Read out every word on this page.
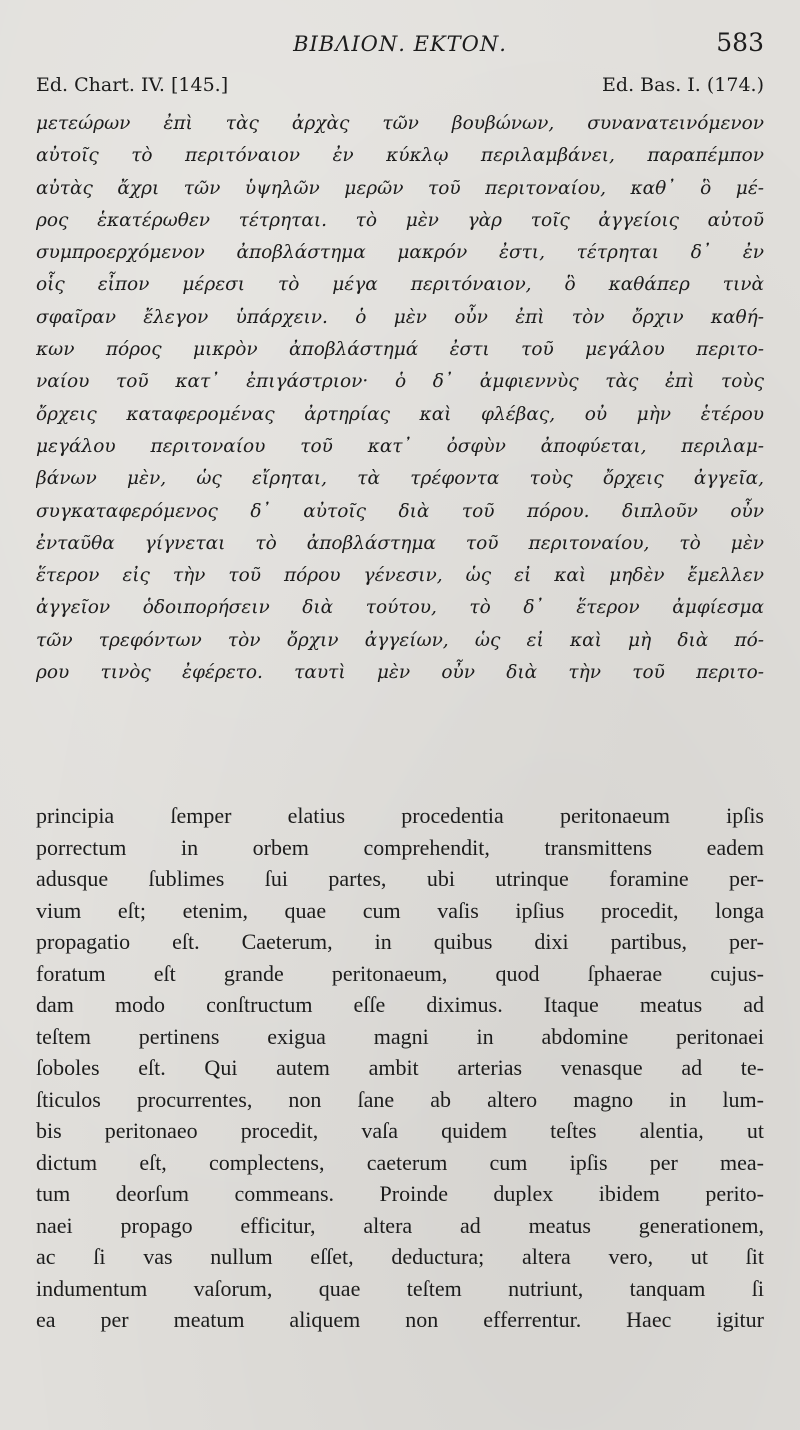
ΒΙΒΛΙΟΝ. ΕΚΤΟΝ.	583
Ed. Chart. IV. [145.]	Ed. Bas. I. (174.)
μετεώρων ἐπὶ τὰς ἀρχὰς τῶν βουβώνων, συνανατεινόμενον
αὐτοῖς τὸ περιτόναιον ἐν κύκλῳ περιλαμβάνει, παραπέμπον
αὐτὰς ἄχρι τῶν ὑψηλῶν μερῶν τοῦ περιτοναίου, καθ᾽ ὃ μέ-
ρος ἑκατέρωθεν τέτρηται. τὸ μὲν γὰρ τοῖς ἀγγείοις αὐτοῦ
συμπροερχόμενον ἀποβλάστημα μακρόν ἐστι, τέτρηται δ᾽ ἐν
οἷς εἶπον μέρεσι τὸ μέγα περιτόναιον, ὃ καθάπερ τινὰ
σφαῖραν ἔλεγον ὑπάρχειν. ὁ μὲν οὖν ἐπὶ τὸν ὄρχιν καθή-
κων πόρος μικρὸν ἀποβλάστημά ἐστι τοῦ μεγάλου περιτο-
ναίου τοῦ κατ᾽ ἐπιγάστριον· ὁ δ᾽ ἀμφιεννὺς τὰς ἐπὶ τοὺς
ὄρχεις καταφερομένας ἀρτηρίας καὶ φλέβας, οὐ μὴν ἑτέρου
μεγάλου περιτοναίου τοῦ κατ᾽ ὀσφὺν ἀποφύεται, περιλαμ-
βάνων μὲν, ὡς εἴρηται, τὰ τρέφοντα τοὺς ὄρχεις ἀγγεῖα,
συγκαταφερόμενος δ᾽ αὐτοῖς διὰ τοῦ πόρου. διπλοῦν οὖν
ἐνταῦθα γίγνεται τὸ ἀποβλάστημα τοῦ περιτοναίου, τὸ μὲν
ἕτερον εἰς τὴν τοῦ πόρου γένεσιν, ὡς εἰ καὶ μηδὲν ἔμελλεν
ἀγγεῖον ὁδοιπορήσειν διὰ τούτου, τὸ δ᾽ ἕτερον ἀμφίεσμα
τῶν τρεφόντων τὸν ὄρχιν ἀγγείων, ὡς εἰ καὶ μὴ διὰ πό-
ρου τινὸς ἐφέρετο. ταυτὶ μὲν οὖν διὰ τὴν τοῦ περιτο-
principia ſemper elatius procedentia peritonaeum ipſis
porrectum in orbem comprehendit, transmittens eadem
adusque ſublimes ſui partes, ubi utrinque foramine per-
vium eſt; etenim, quae cum vaſis ipſius procedit, longa
propagatio eſt. Caeterum, in quibus dixi partibus, per-
foratum eſt grande peritonaeum, quod ſphaerae cujus-
dam modo conſtructum eſſe diximus. Itaque meatus ad
teſtem pertinens exigua magni in abdomine peritonaei
ſoboles eſt. Qui autem ambit arterias venasque ad te-
ſticulos procurrentes, non ſane ab altero magno in lum-
bis peritonaeo procedit, vaſa quidem teſtes alentia, ut
dictum eſt, complectens, caeterum cum ipſis per mea-
tum deorſum commeans. Proinde duplex ibidem perito-
naei propago efficitur, altera ad meatus generationem,
ac ſi vas nullum eſſet, deductura; altera vero, ut ſit
indumentum vaſorum, quae teſtem nutriunt, tanquam ſi
ea per meatum aliquem non efferrentur. Haec igitur
